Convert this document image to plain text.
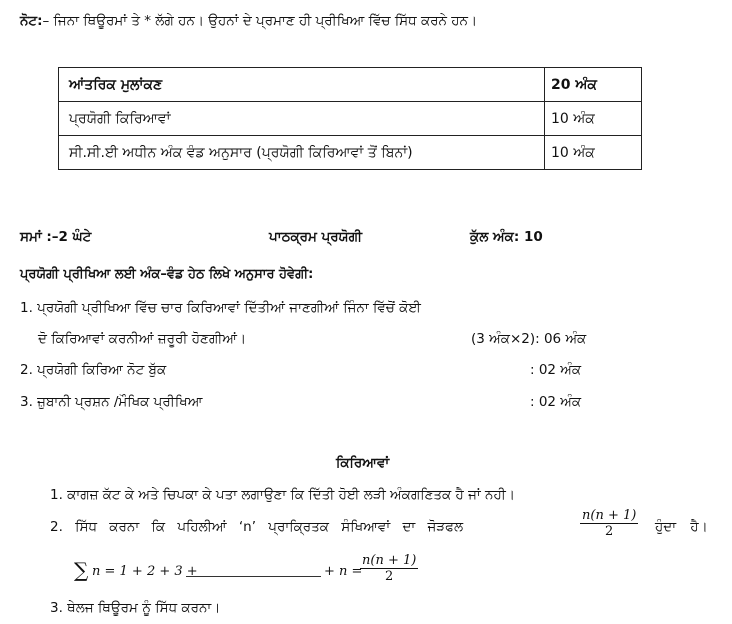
ਨੋਟ:– ਜਿਨਾ ਥਿਊਰਮਾਂ ਤੇ * ਲੱਗੇ ਹਨ। ਉਹਨਾਂ ਦੇ ਪ੍ਰਮਾਣ ਹੀ ਪ੍ਰੀਖਿਆ ਵਿੱਚ ਸਿੱਧ ਕਰਨੇ ਹਨ।
ਆਂਤਰਿਕ ਮੁਲਾਂਕਣ	20 ਅੰਕ
ਪ੍ਰਯੋਗੀ ਕਿਰਿਆਵਾਂ	10 ਅੰਕ
ਸੀ.ਸੀ.ਈ ਅਧੀਨ ਅੰਕ ਵੰਡ ਅਨੁਸਾਰ (ਪ੍ਰਯੋਗੀ ਕਿਰਿਆਵਾਂ ਤੋਂ ਬਿਨਾਂ)	10 ਅੰਕ
ਸਮਾਂ :–2 ਘੰਟੇ	ਪਾਠਕ੍ਰਮ ਪ੍ਰਯੋਗੀ	ਕੁੱਲ ਅੰਕ: 10
ਪ੍ਰਯੋਗੀ ਪ੍ਰੀਖਿਆ ਲਈ ਅੰਕ–ਵੰਡ ਹੇਠ ਲਿਖੇ ਅਨੁਸਾਰ ਹੋਵੇਗੀ:
1. ਪ੍ਰਯੋਗੀ ਪ੍ਰੀਖਿਆ ਵਿੱਚ ਚਾਰ ਕਿਰਿਆਵਾਂ ਦਿੱਤੀਆਂ ਜਾਣਗੀਆਂ ਜਿੰਨਾ ਵਿੱਚੋਂ ਕੋਈ
ਦੋ ਕਿਰਿਆਵਾਂ ਕਰਨੀਆਂ ਜ਼ਰੂਰੀ ਹੋਣਗੀਆਂ।	(3 ਅੰਕ×2): 06 ਅੰਕ
2. ਪ੍ਰਯੋਗੀ ਕਿਰਿਆ ਨੋਟ ਬੁੱਕ	: 02 ਅੰਕ
3. ਜ਼ੁਬਾਨੀ ਪ੍ਰਸ਼ਨ /ਮੌਖਿਕ ਪ੍ਰੀਖਿਆ	: 02 ਅੰਕ
ਕਿਰਿਆਵਾਂ
1. ਕਾਗਜ਼ ਕੱਟ ਕੇ ਅਤੇ ਚਿਪਕਾ ਕੇ ਪਤਾ ਲਗਾਉਣਾ ਕਿ ਦਿੱਤੀ ਹੋਈ ਲੜੀ ਅੰਕਗਣਿਤਕ ਹੈ ਜਾਂ ਨਹੀ।
2. ਸਿੱਧ ਕਰਨਾ ਕਿ ਪਹਿਲੀਆਂ ‘n’ ਪ੍ਰਾਕ੍ਰਿਤਕ ਸੰਖਿਆਵਾਂ ਦਾ ਜੋੜਫਲ	$\frac{n(n + 1)}{2}$ ਹੁੰਦਾ ਹੈ।
∑ n = 1 + 2 + 3 +	+ n =
$\frac{n(n + 1)}{2}$
3. ਥੇਲਜ ਥਿਊਰਮ ਨੂੰ ਸਿੱਧ ਕਰਨਾ।
